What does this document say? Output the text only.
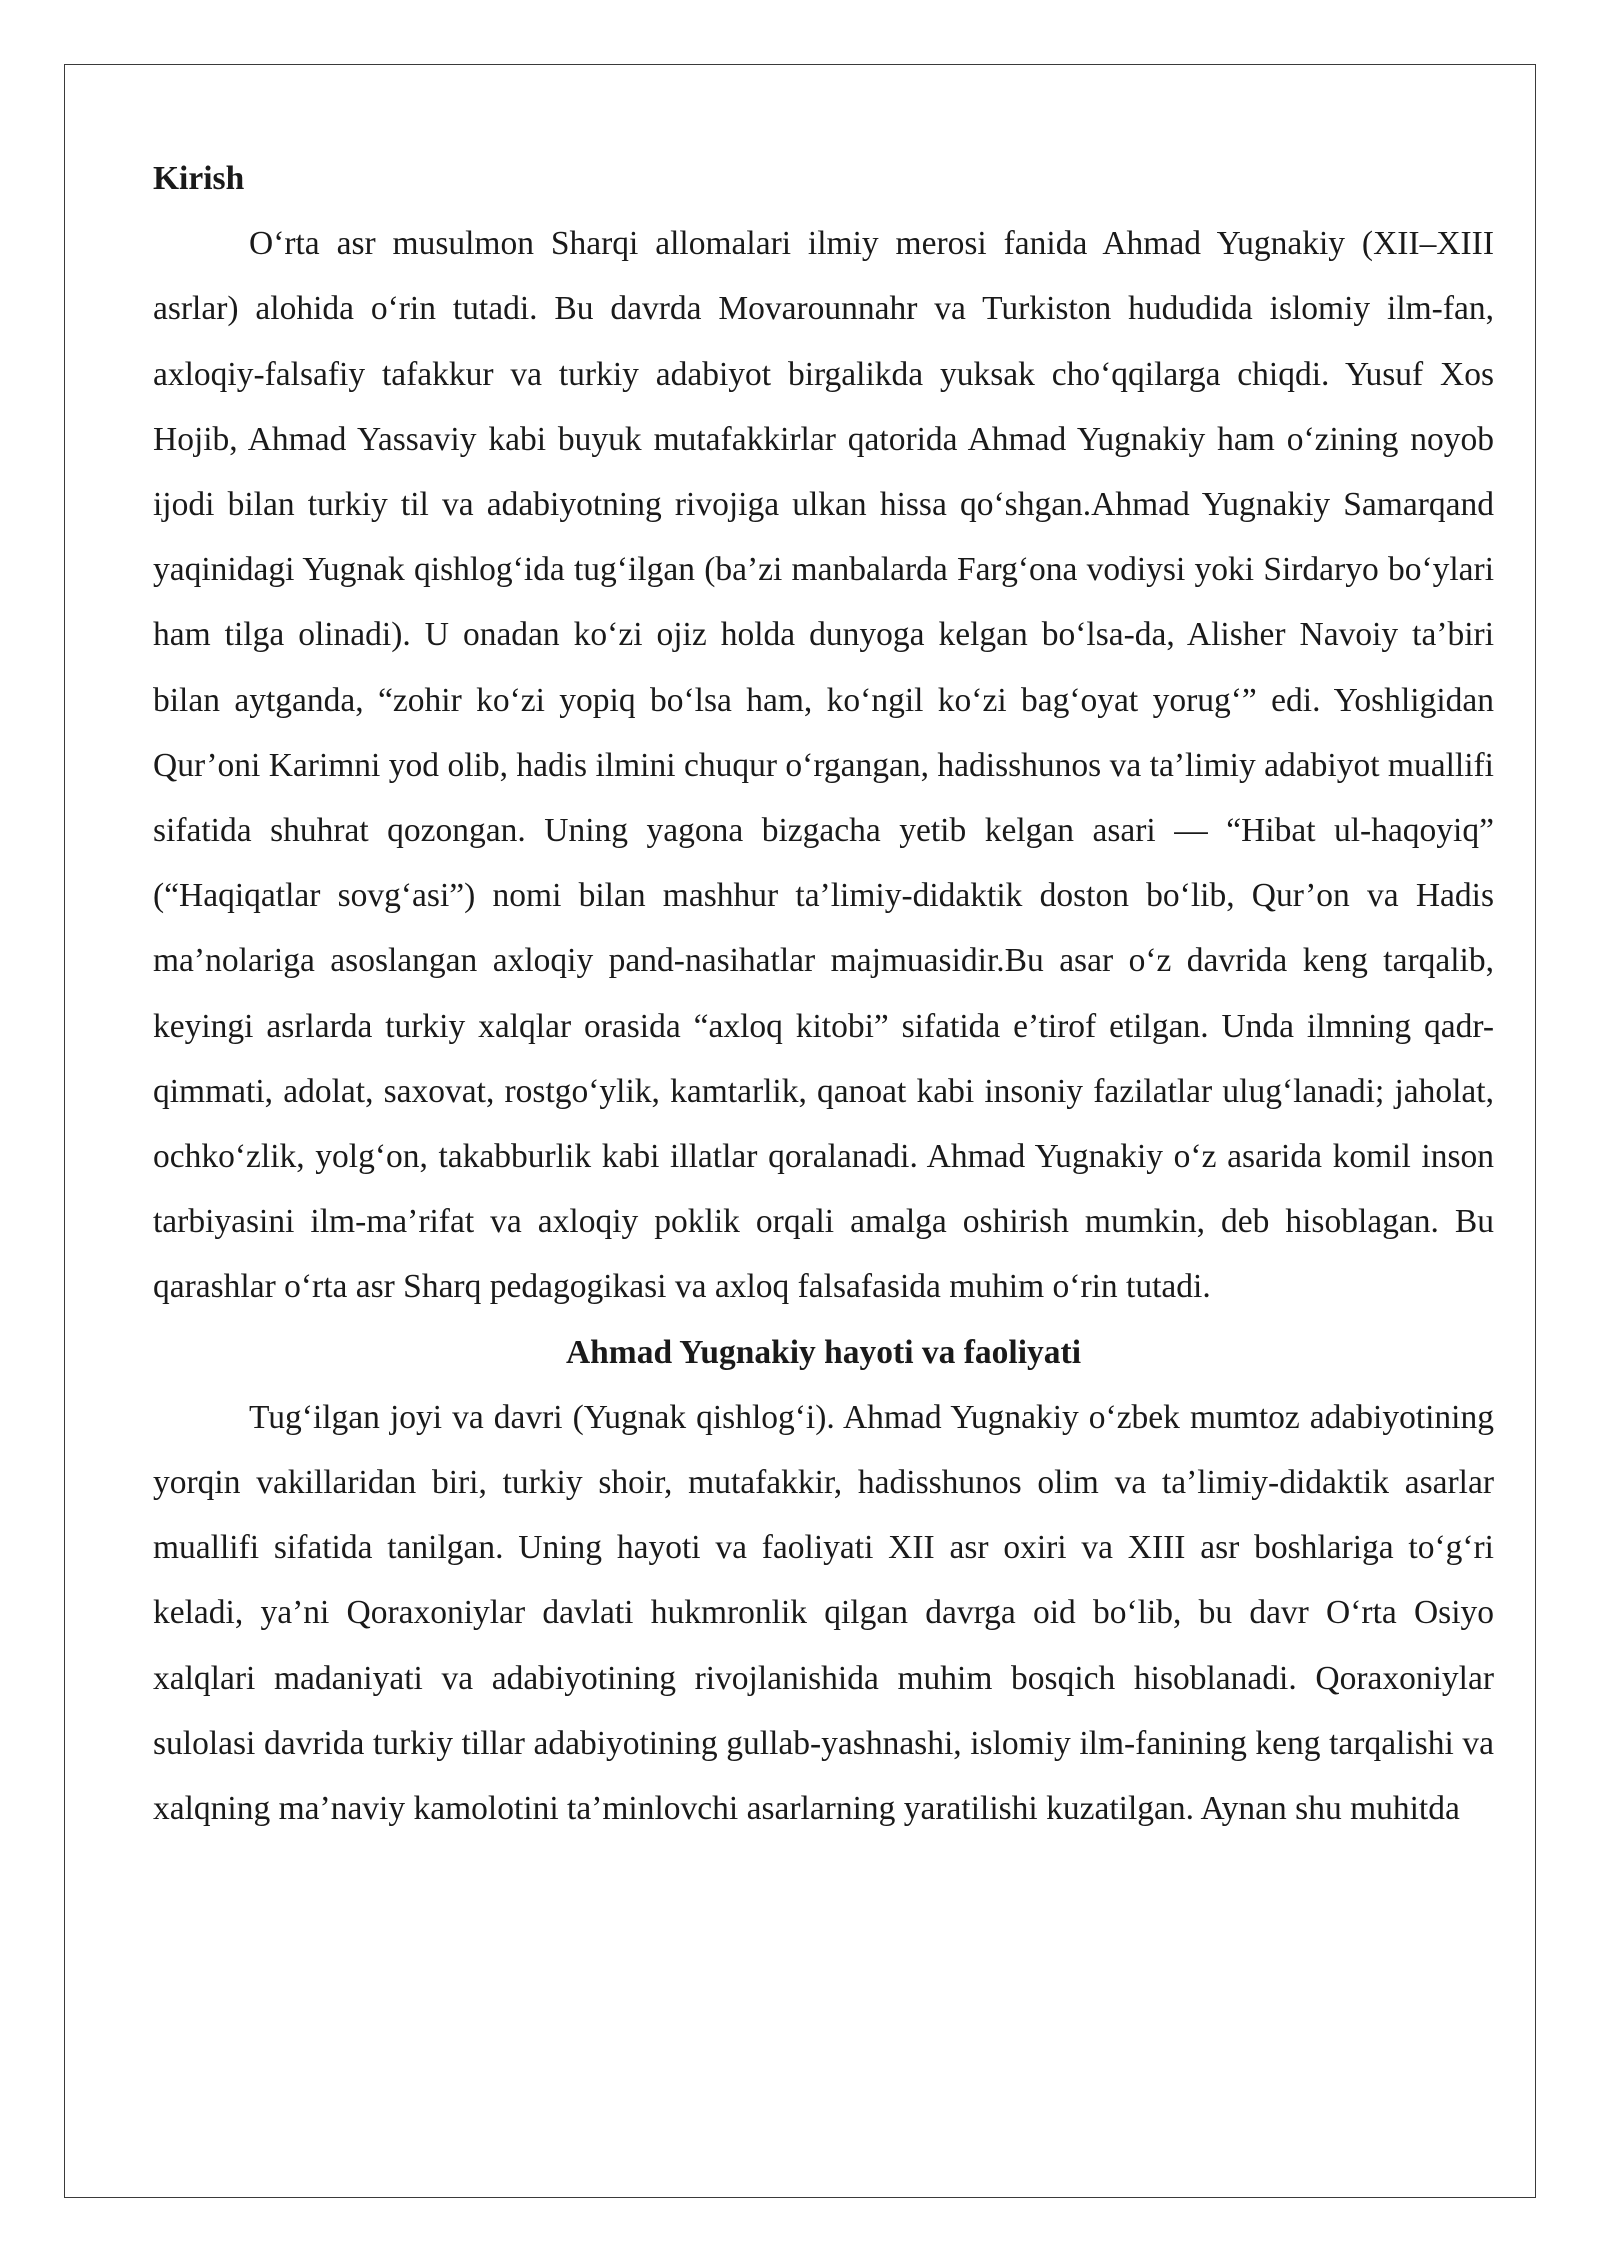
Kirish

O‘rta asr musulmon Sharqi allomalari ilmiy merosi fanida Ahmad Yugnakiy (XII–XIII asrlar) alohida o‘rin tutadi. Bu davrda Movarounnahr va Turkiston hududida islomiy ilm-fan, axloqiy-falsafiy tafakkur va turkiy adabiyot birgalikda yuksak cho‘qqilarga chiqdi. Yusuf Xos Hojib, Ahmad Yassaviy kabi buyuk mutafakkirlar qatorida Ahmad Yugnakiy ham o‘zining noyob ijodi bilan turkiy til va adabiyotning rivojiga ulkan hissa qo‘shgan.Ahmad Yugnakiy Samarqand yaqinidagi Yugnak qishlog‘ida tug‘ilgan (ba’zi manbalarda Farg‘ona vodiysi yoki Sirdaryo bo‘ylari ham tilga olinadi). U onadan ko‘zi ojiz holda dunyoga kelgan bo‘lsa-da, Alisher Navoiy ta’biri bilan aytganda, “zohir ko‘zi yopiq bo‘lsa ham, ko‘ngil ko‘zi bag‘oyat yorug‘” edi. Yoshligidan Qur’oni Karimni yod olib, hadis ilmini chuqur o‘rgangan, hadisshunos va ta’limiy adabiyot muallifi sifatida shuhrat qozongan. Uning yagona bizgacha yetib kelgan asari — “Hibat ul-haqoyiq” (“Haqiqatlar sovg‘asi”) nomi bilan mashhur ta’limiy-didaktik doston bo‘lib, Qur’on va Hadis ma’nolariga asoslangan axloqiy pand-nasihatlar majmuasidir.Bu asar o‘z davrida keng tarqalib, keyingi asrlarda turkiy xalqlar orasida “axloq kitobi” sifatida e’tirof etilgan. Unda ilmning qadr-qimmati, adolat, saxovat, rostgo‘ylik, kamtarlik, qanoat kabi insoniy fazilatlar ulug‘lanadi; jaholat, ochko‘zlik, yolg‘on, takabburlik kabi illatlar qoralanadi. Ahmad Yugnakiy o‘z asarida komil inson tarbiyasini ilm-ma’rifat va axloqiy poklik orqali amalga oshirish mumkin, deb hisoblagan. Bu qarashlar o‘rta asr Sharq pedagogikasi va axloq falsafasida muhim o‘rin tutadi.

Ahmad Yugnakiy hayoti va faoliyati

Tug‘ilgan joyi va davri (Yugnak qishlog‘i). Ahmad Yugnakiy o‘zbek mumtoz adabiyotining yorqin vakillaridan biri, turkiy shoir, mutafakkir, hadisshunos olim va ta’limiy-didaktik asarlar muallifi sifatida tanilgan. Uning hayoti va faoliyati XII asr oxiri va XIII asr boshlariga to‘g‘ri keladi, ya’ni Qoraxoniylar davlati hukmronlik qilgan davrga oid bo‘lib, bu davr O‘rta Osiyo xalqlari madaniyati va adabiyotining rivojlanishida muhim bosqich hisoblanadi. Qoraxoniylar sulolasi davrida turkiy tillar adabiyotining gullab-yashnashi, islomiy ilm-fanining keng tarqalishi va xalqning ma’naviy kamolotini ta’minlovchi asarlarning yaratilishi kuzatilgan. Aynan shu muhitda
